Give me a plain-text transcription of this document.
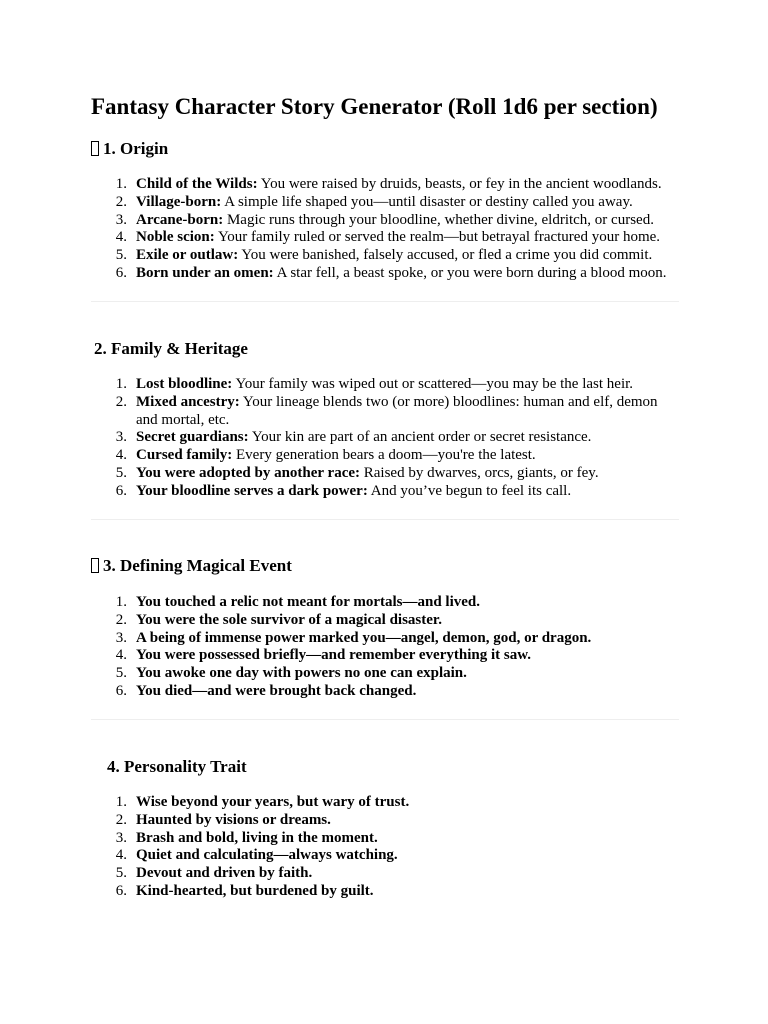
Fantasy Character Story Generator (Roll 1d6 per section)
1. Origin
1. Child of the Wilds: You were raised by druids, beasts, or fey in the ancient woodlands.
2. Village-born: A simple life shaped you—until disaster or destiny called you away.
3. Arcane-born: Magic runs through your bloodline, whether divine, eldritch, or cursed.
4. Noble scion: Your family ruled or served the realm—but betrayal fractured your home.
5. Exile or outlaw: You were banished, falsely accused, or fled a crime you did commit.
6. Born under an omen: A star fell, a beast spoke, or you were born during a blood moon.
2. Family & Heritage
1. Lost bloodline: Your family was wiped out or scattered—you may be the last heir.
2. Mixed ancestry: Your lineage blends two (or more) bloodlines: human and elf, demon and mortal, etc.
3. Secret guardians: Your kin are part of an ancient order or secret resistance.
4. Cursed family: Every generation bears a doom—you're the latest.
5. You were adopted by another race: Raised by dwarves, orcs, giants, or fey.
6. Your bloodline serves a dark power: And you’ve begun to feel its call.
3. Defining Magical Event
1. You touched a relic not meant for mortals—and lived.
2. You were the sole survivor of a magical disaster.
3. A being of immense power marked you—angel, demon, god, or dragon.
4. You were possessed briefly—and remember everything it saw.
5. You awoke one day with powers no one can explain.
6. You died—and were brought back changed.
4. Personality Trait
1. Wise beyond your years, but wary of trust.
2. Haunted by visions or dreams.
3. Brash and bold, living in the moment.
4. Quiet and calculating—always watching.
5. Devout and driven by faith.
6. Kind-hearted, but burdened by guilt.
